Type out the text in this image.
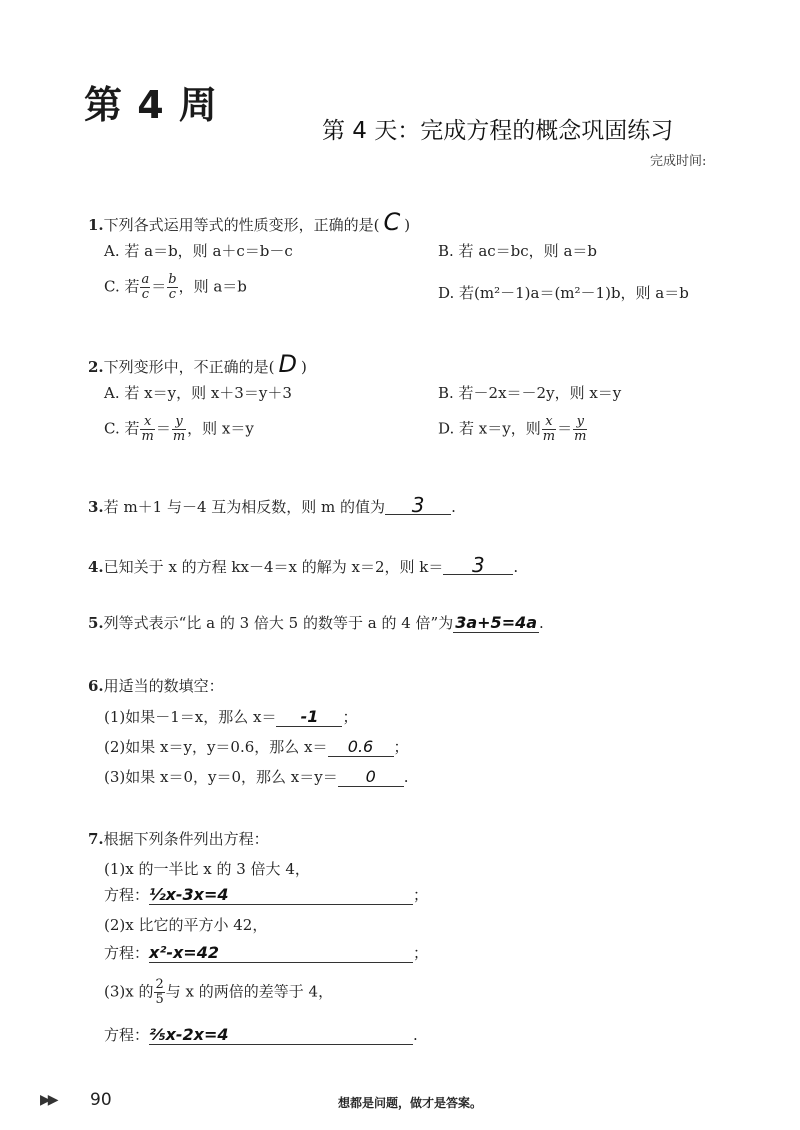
第 4 周
第 4 天：完成方程的概念巩固练习
完成时间:
1.下列各式运用等式的性质变形，正确的是( C )
A. 若 a＝b，则 a＋c＝b－c	B. 若 ac＝bc，则 a＝b
C. 若 $\frac{a}{c} = \frac{b}{c}$ ，则 a＝b	D. 若(m²－1)a＝(m²－1)b，则 a＝b
2.下列变形中，不正确的是( D )
A. 若 x＝y，则 x＋3＝y＋3	B. 若－2x＝－2y，则 x＝y
C. 若 $\frac{x}{m} = \frac{y}{m}$ ，则 x＝y	D. 若 x＝y，则 $\frac{x}{m} = \frac{y}{m}$
3.若 m＋1 与－4 互为相反数，则 m 的值为 3 .
4.已知关于 x 的方程 kx－4＝x 的解为 x＝2，则 k＝ 3 .
5.列等式表示“比 a 的 3 倍大 5 的数等于 a 的 4 倍”为 3a+5=4a .
6.用适当的数填空：
(1)如果－1＝x，那么 x＝ -1 ；
(2)如果 x＝y，y＝0.6，那么 x＝ 0.6 ；
(3)如果 x＝0，y＝0，那么 x＝y＝ 0 .
7.根据下列条件列出方程：
(1)x 的一半比 x 的 3 倍大 4，
方程：½x-3x=4	；
(2)x 比它的平方小 42，
方程：x²-x=42	；
(3)x 的 $\frac{2}{5}$ 与 x 的两倍的差等于 4，
方程：⅖x-2x=4	.
▶▶ 90	想都是问题，做才是答案。
